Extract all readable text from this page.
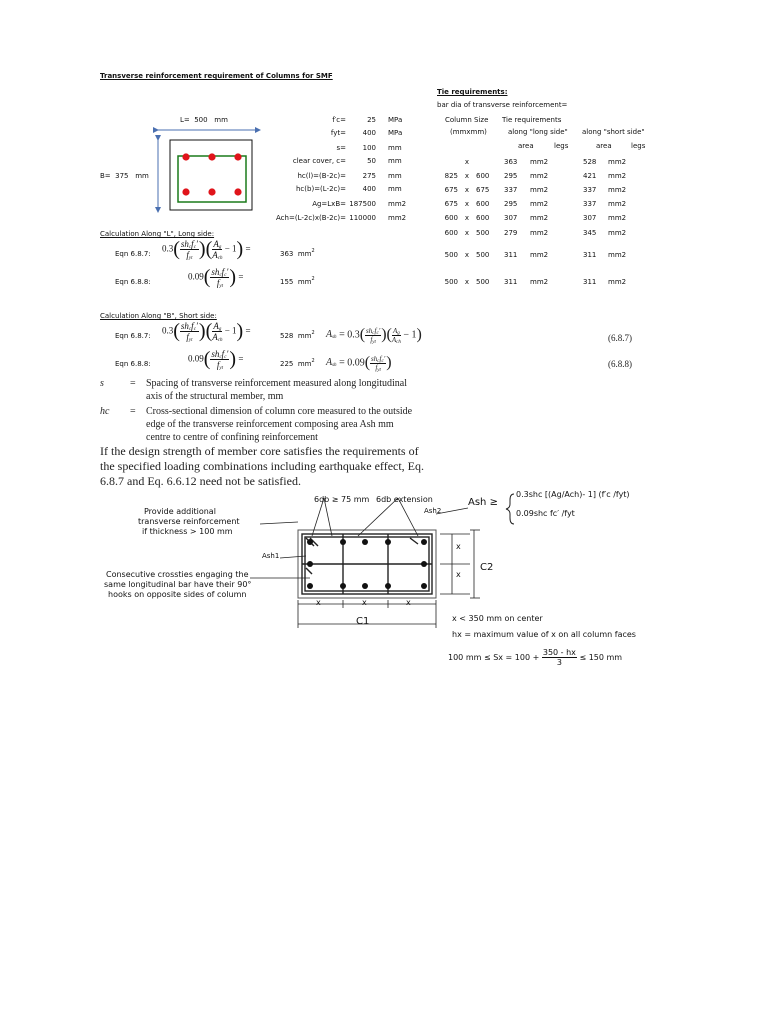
Transverse reinforcement requirement of Columns for SMF
L= 500 mm
B= 375 mm
f′c=	25 MPa
fyt=	400 MPa
s=	100 mm
clear cover, c=	50 mm
hc(l)=(B-2c)=	275 mm
hc(b)=(L-2c)=	400 mm
Ag=LxB= 187500 mm2
Ach=(L-2c)x(B-2c)= 110000 mm2
Tie requirements:
bar dia of transverse reinforcement=
Column Size
(mmxmm)
Tie requirements
along "long side" along "short side"
area	legs	area	legs
x	363	mm2	528	mm2
825 x 600	295	mm2	421	mm2
675 x 675	337	mm2	337	mm2
675 x 600	295	mm2	337	mm2
600 x 600	307	mm2	307	mm2
600 x 500	279	mm2	345	mm2
500 x 500	311	mm2	311	mm2
500 x 500	311	mm2	311	mm2
Calculation Along "L", Long side:
Eqn 6.8.7:
0.3( $sh_cf_c'$
$f_{yt}$ )( $A_g$
$A_{ch}$
− 1) =
363  $mm^2$
Eqn 6.8.8:
0.09( $sh_cf_c'$
$f_{yt}$ ) =
155  $mm^2$
Calculation Along "B", Short side:
Eqn 6.8.7:
0.3( $sh_cf_c'$
$f_{yt}$ )( $A_g$
$A_{ch}$
− 1) =
528  $mm^2$
Eqn 6.8.8:
0.09( $sh_cf_c'$
$f_{yt}$ ) =
225  $mm^2$
$A_{sh} = 0.3$( $sh_cf_c'$
$f_{yt}$ )( $A_g$
$A_{ch}$
− 1)	(6.8.7)
$A_{sh} = 0.09$( $sh_cf_c'$
$f_{yt}$ )	(6.8.8)
s	= Spacing of transverse reinforcement measured along longitudinal
axis of the structural member, mm
hc = Cross-sectional dimension of column core measured to the outside
edge of the transverse reinforcement composing area Ash mm
centre to centre of confining reinforcement
If the design strength of member core satisfies the requirements of
the specified loading combinations including earthquake effect, Eq.
6.8.7 and Eq. 6.6.12 need not be satisfied.
6db ≥ 75 mm 6db extension
Provide additional
transverse reinforcement
if thickness > 100 mm
Ash1
Ash2
Consecutive crossties engaging the
same longitudinal bar have their 90°
hooks on opposite sides of column
Ash ≥
0.3shc [(Ag/Ach)- 1] (f′c /fyt)
0.09shc fc′ /fyt
x
x
C2
x	x	x
C1	x < 350 mm on center
hx = maximum value of x on all column faces
100 mm ≤ $Sx = 100 + \frac{350 - hx}{3} \le 150$ mm
